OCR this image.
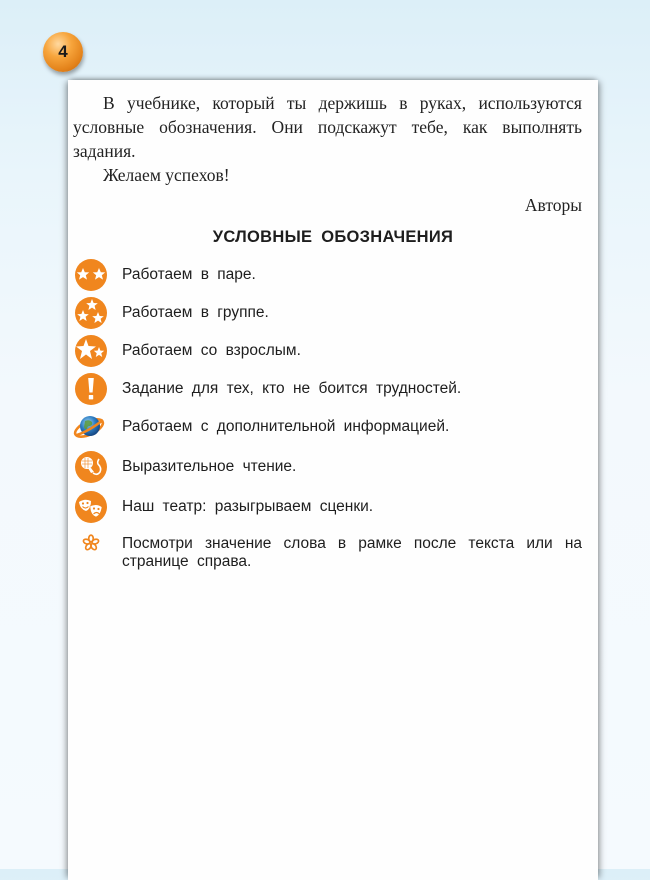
4

В учебнике, который ты держишь в руках, используются условные обозначения. Они подскажут тебе, как выполнять задания.

Желаем успехов!

Авторы

УСЛОВНЫЕ ОБОЗНАЧЕНИЯ
Работаем в паре.
Работаем в группе.
Работаем со взрослым.
Задание для тех, кто не боится трудностей.
Работаем с дополнительной информацией.
Выразительное чтение.
Наш театр: разыгрываем сценки.
Посмотри значение слова в рамке после текста или на странице справа.
